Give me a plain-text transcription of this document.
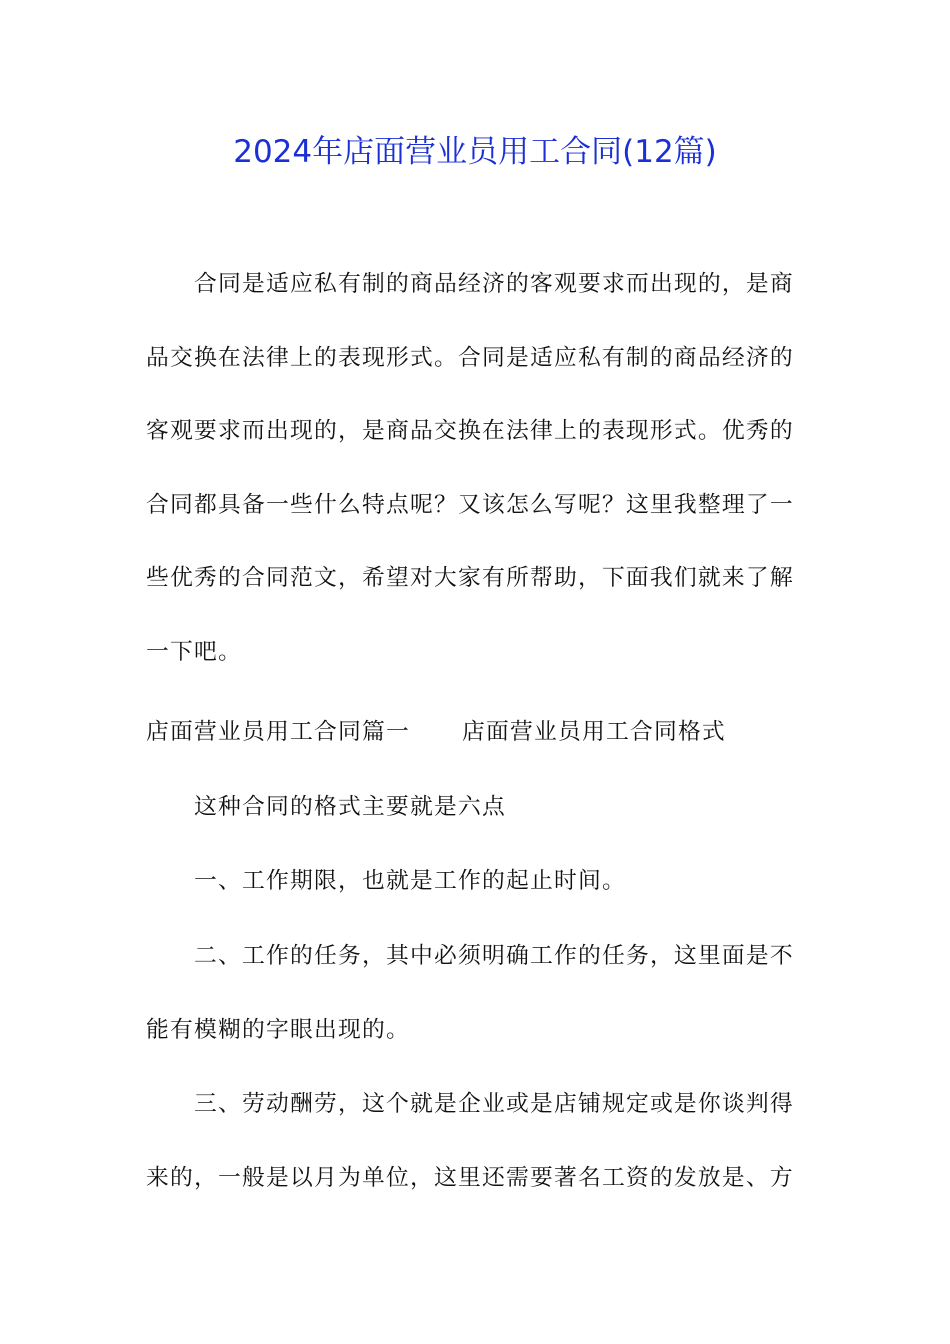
2024年店面营业员用工合同(12篇)

合同是适应私有制的商品经济的客观要求而出现的，是商品交换在法律上的表现形式。合同是适应私有制的商品经济的客观要求而出现的，是商品交换在法律上的表现形式。优秀的合同都具备一些什么特点呢？又该怎么写呢？这里我整理了一些优秀的合同范文，希望对大家有所帮助，下面我们就来了解一下吧。

店面营业员用工合同篇一 店面营业员用工合同格式
这种合同的格式主要就是六点
一、工作期限，也就是工作的起止时间。

二、工作的任务，其中必须明确工作的任务，这里面是不能有模糊的字眼出现的。

三、劳动酬劳，这个就是企业或是店铺规定或是你谈判得来的，一般是以月为单位，这里还需要著名工资的发放是、方
